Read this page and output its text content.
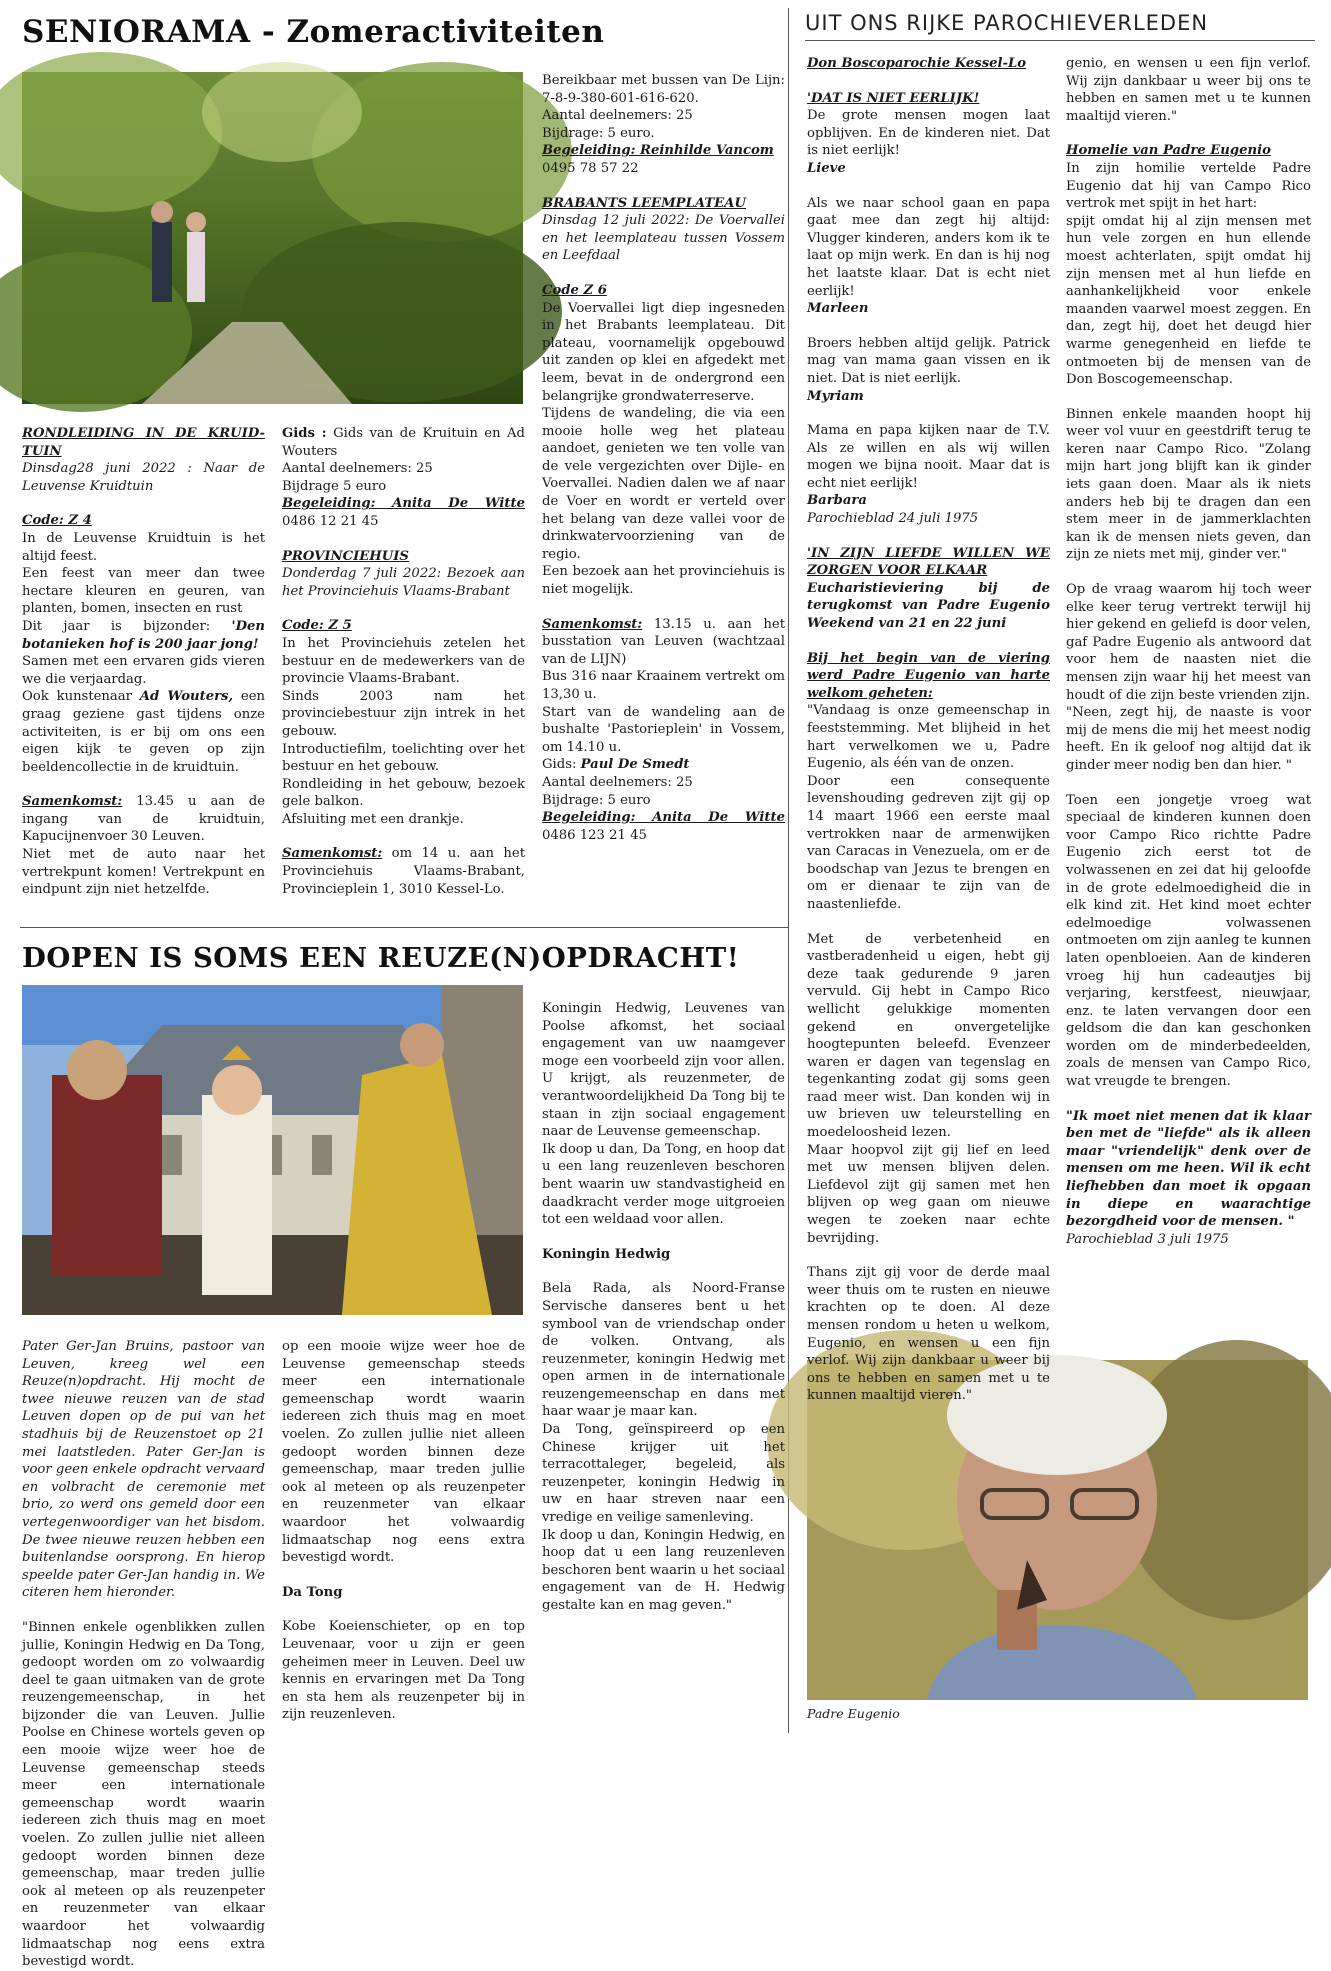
SENIORAMA - Zomeractiviteiten	UIT ONS RIJKE PAROCHIEVERLEDEN
DOPEN IS SOMS EEN REUZE(N)OPDRACHT!
Padre Eugenio
RONDLEIDING IN DE KRUID-TUIN
Dinsdag28 juni 2022 : Naar de Leuvense Kruidtuin
Code: Z 4
In de Leuvense Kruidtuin is het altijd feest.
Een feest van meer dan twee hectare kleuren en geuren, van planten, bomen, insecten en rust
Dit jaar is bijzonder: 'Den botanieken hof is 200 jaar jong!
Samen met een ervaren gids vieren we die verjaardag.
Ook kunstenaar Ad Wouters, een graag geziene gast tijdens onze activiteiten, is er bij om ons een eigen kijk te geven op zijn beeldencollectie in de kruidtuin.
Samenkomst: 13.45 u aan de ingang van de kruidtuin, Kapucijnenvoer 30 Leuven.
Niet met de auto naar het vertrekpunt komen! Vertrekpunt en eindpunt zijn niet hetzelfde.
Gids : Gids van de Kruituin en Ad Wouters
Aantal deelnemers: 25
Bijdrage 5 euro
Begeleiding: Anita De Witte 0486 12 21 45
PROVINCIEHUIS
Donderdag 7 juli 2022: Bezoek aan het Provinciehuis Vlaams-Brabant
Code: Z 5
In het Provinciehuis zetelen het bestuur en de medewerkers van de provincie Vlaams-Brabant.
Sinds 2003 nam het provinciebestuur zijn intrek in het gebouw.
Introductiefilm, toelichting over het bestuur en het gebouw.
Rondleiding in het gebouw, bezoek gele balkon.
Afsluiting met een drankje.
Samenkomst: om 14 u. aan het Provinciehuis Vlaams-Brabant, Provincieplein 1, 3010 Kessel-Lo.
Bereikbaar met bussen van De Lijn: 7-8-9-380-601-616-620.
Aantal deelnemers: 25
Bijdrage: 5 euro.
Begeleiding: Reinhilde Vancom
0495 78 57 22
BRABANTS LEEMPLATEAU
Dinsdag 12 juli 2022: De Voervallei en het leemplateau tussen Vossem en Leefdaal
Code Z 6
De Voervallei ligt diep ingesneden in het Brabants leemplateau. Dit plateau, voornamelijk opgebouwd uit zanden op klei en afgedekt met leem, bevat in de ondergrond een belangrijke grondwaterreserve.
Tijdens de wandeling, die via een mooie holle weg het plateau aandoet, genieten we ten volle van de vele vergezichten over Dijle- en Voervallei. Nadien dalen we af naar de Voer en wordt er verteld over het belang van deze vallei voor de drinkwatervoorziening van de regio.
Een bezoek aan het provinciehuis is niet mogelijk.
Samenkomst: 13.15 u. aan het busstation van Leuven (wachtzaal van de LIJN)
Bus 316 naar Kraainem vertrekt om 13,30 u.
Start van de wandeling aan de bushalte 'Pastorieplein' in Vossem, om 14.10 u.
Gids: Paul De Smedt
Aantal deelnemers: 25
Bijdrage: 5 euro
Begeleiding: Anita De Witte 0486 123 21 45
Pater Ger-Jan Bruins, pastoor van Leuven, kreeg wel een Reuze(n)opdracht. Hij mocht de twee nieuwe reuzen van de stad Leuven dopen op de pui van het stadhuis bij de Reuzenstoet op 21 mei laatstleden. Pater Ger-Jan is voor geen enkele opdracht vervaard en volbracht de ceremonie met brio, zo werd ons gemeld door een vertegenwoordiger van het bisdom. De twee nieuwe reuzen hebben een buitenlandse oorsprong. En hierop speelde pater Ger-Jan handig in. We citeren hem hieronder.
"Binnen enkele ogenblikken zullen jullie, Koningin Hedwig en Da Tong, gedoopt worden om zo volwaardig deel te gaan uitmaken van de grote reuzengemeenschap, in het bijzonder die van Leuven. Jullie Poolse en Chinese wortels geven op een mooie wijze weer hoe de Leuvense gemeenschap steeds meer een internationale gemeenschap wordt waarin iedereen zich thuis mag en moet voelen. Zo zullen jullie niet alleen gedoopt worden binnen deze gemeenschap, maar treden jullie ook al meteen op als reuzenpeter en reuzenmeter van elkaar waardoor het volwaardig lidmaatschap nog eens extra bevestigd wordt.
op een mooie wijze weer hoe de Leuvense gemeenschap steeds meer een internationale gemeenschap wordt waarin iedereen zich thuis mag en moet voelen. Zo zullen jullie niet alleen gedoopt worden binnen deze gemeenschap, maar treden jullie ook al meteen op als reuzenpeter en reuzenmeter van elkaar waardoor het volwaardig lidmaatschap nog eens extra bevestigd wordt.
Da Tong
Kobe Koeienschieter, op en top Leuvenaar, voor u zijn er geen geheimen meer in Leuven. Deel uw kennis en ervaringen met Da Tong en sta hem als reuzenpeter bij in zijn reuzenleven.
Koningin Hedwig, Leuvenes van Poolse afkomst, het sociaal engagement van uw naamgever moge een voorbeeld zijn voor allen. U krijgt, als reuzenmeter, de verantwoordelijkheid Da Tong bij te staan in zijn sociaal engagement naar de Leuvense gemeenschap.
Ik doop u dan, Da Tong, en hoop dat u een lang reuzenleven beschoren bent waarin uw standvastigheid en daadkracht verder moge uitgroeien tot een weldaad voor allen.
Koningin Hedwig
Bela Rada, als Noord-Franse Servische danseres bent u het symbool van de vriendschap onder de volken. Ontvang, als reuzenmeter, koningin Hedwig met open armen in de internationale reuzengemeenschap en dans met haar waar je maar kan.
Da Tong, geïnspireerd op een Chinese krijger uit het terracottaleger, begeleid, als reuzenpeter, koningin Hedwig in uw en haar streven naar een vredige en veilige samenleving.
Ik doop u dan, Koningin Hedwig, en hoop dat u een lang reuzenleven beschoren bent waarin u het sociaal engagement van de H. Hedwig gestalte kan en mag geven."
Don Boscoparochie Kessel-Lo
'DAT IS NIET EERLIJK!
De grote mensen mogen laat opblijven. En de kinderen niet. Dat is niet eerlijk!
Lieve
Als we naar school gaan en papa gaat mee dan zegt hij altijd: Vlugger kinderen, anders kom ik te laat op mijn werk. En dan is hij nog het laatste klaar. Dat is echt niet eerlijk!
Marleen
Broers hebben altijd gelijk. Patrick mag van mama gaan vissen en ik niet. Dat is niet eerlijk.
Myriam
Mama en papa kijken naar de T.V. Als ze willen en als wij willen mogen we bijna nooit. Maar dat is echt niet eerlijk!
Barbara
Parochieblad 24 juli 1975
'IN ZIJN LIEFDE WILLEN WE ZORGEN VOOR ELKAAR
Eucharistieviering bij de terugkomst van Padre Eugenio Weekend van 21 en 22 juni
Bij het begin van de viering werd Padre Eugenio van harte welkom geheten:
"Vandaag is onze gemeenschap in feeststemming. Met blijheid in het hart verwelkomen we u, Padre Eugenio, als één van de onzen.
Door een consequente levenshouding gedreven zijt gij op 14 maart 1966 een eerste maal vertrokken naar de armenwijken van Caracas in Venezuela, om er de boodschap van Jezus te brengen en om er dienaar te zijn van de naastenliefde.
Met de verbetenheid en vastberadenheid u eigen, hebt gij deze taak gedurende 9 jaren vervuld. Gij hebt in Campo Rico wellicht gelukkige momenten gekend en onvergetelijke hoogtepunten beleefd. Evenzeer waren er dagen van tegenslag en tegenkanting zodat gij soms geen raad meer wist. Dan konden wij in uw brieven uw teleurstelling en moedeloosheid lezen.
Maar hoopvol zijt gij lief en leed met uw mensen blijven delen. Liefdevol zijt gij samen met hen blijven op weg gaan om nieuwe wegen te zoeken naar echte bevrijding.
Thans zijt gij voor de derde maal weer thuis om te rusten en nieuwe krachten op te doen. Al deze mensen rondom u heten u welkom, Eugenio, en wensen u een fijn verlof. Wij zijn dankbaar u weer bij ons te hebben en samen met u te kunnen maaltijd vieren."
genio, en wensen u een fijn verlof. Wij zijn dankbaar u weer bij ons te hebben en samen met u te kunnen maaltijd vieren."
Homelie van Padre Eugenio
In zijn homilie vertelde Padre Eugenio dat hij van Campo Rico vertrok met spijt in het hart:
spijt omdat hij al zijn mensen met hun vele zorgen en hun ellende moest achterlaten, spijt omdat hij zijn mensen met al hun liefde en aanhankelijkheid voor enkele maanden vaarwel moest zeggen. En dan, zegt hij, doet het deugd hier warme genegenheid en liefde te ontmoeten bij de mensen van de Don Boscogemeenschap.
Binnen enkele maanden hoopt hij weer vol vuur en geestdrift terug te keren naar Campo Rico. "Zolang mijn hart jong blijft kan ik ginder iets gaan doen. Maar als ik niets anders heb bij te dragen dan een stem meer in de jammerklachten kan ik de mensen niets geven, dan zijn ze niets met mij, ginder ver."
Op de vraag waarom hij toch weer elke keer terug vertrekt terwijl hij hier gekend en geliefd is door velen, gaf Padre Eugenio als antwoord dat voor hem de naasten niet die mensen zijn waar hij het meest van houdt of die zijn beste vrienden zijn.
"Neen, zegt hij, de naaste is voor mij de mens die mij het meest nodig heeft. En ik geloof nog altijd dat ik ginder meer nodig ben dan hier. "
Toen een jongetje vroeg wat speciaal de kinderen kunnen doen voor Campo Rico richtte Padre Eugenio zich eerst tot de volwassenen en zei dat hij geloofde in de grote edelmoedigheid die in elk kind zit. Het kind moet echter edelmoedige volwassenen ontmoeten om zijn aanleg te kunnen laten openbloeien. Aan de kinderen vroeg hij hun cadeautjes bij verjaring, kerstfeest, nieuwjaar, enz. te laten vervangen door een geldsom die dan kan geschonken worden om de minderbedeelden, zoals de mensen van Campo Rico, wat vreugde te brengen.
"Ik moet niet menen dat ik klaar ben met de "liefde" als ik alleen maar "vriendelijk" denk over de mensen om me heen. Wil ik echt liefhebben dan moet ik opgaan in diepe en waarachtige bezorgdheid voor de mensen. "
Parochieblad 3 juli 1975
